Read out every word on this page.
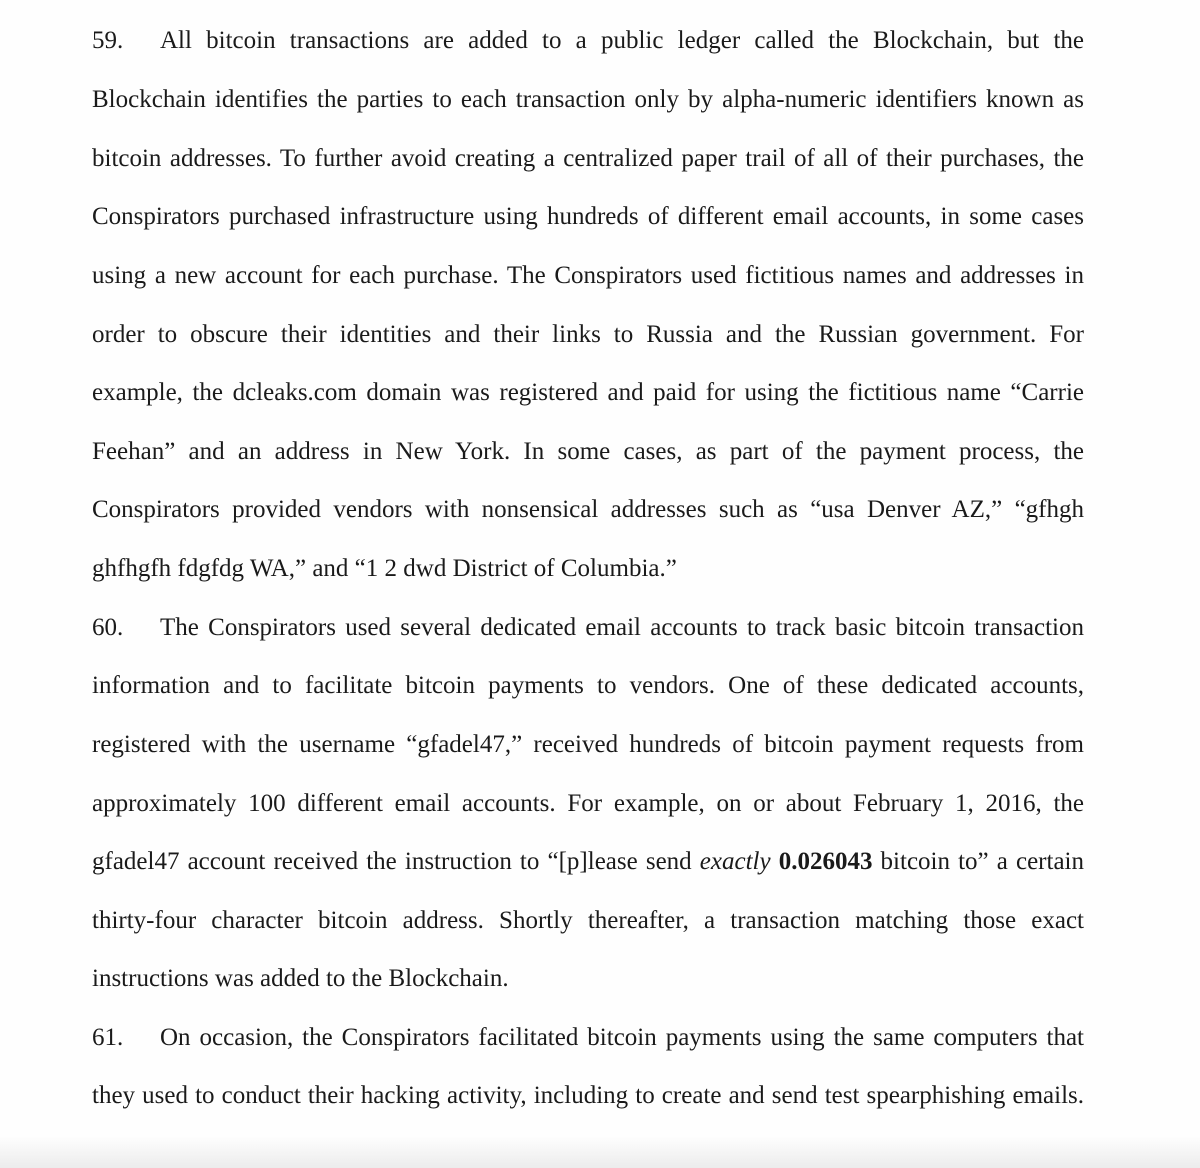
59. All bitcoin transactions are added to a public ledger called the Blockchain, but the
Blockchain identifies the parties to each transaction only by alpha-numeric identifiers known as
bitcoin addresses. To further avoid creating a centralized paper trail of all of their purchases, the
Conspirators purchased infrastructure using hundreds of different email accounts, in some cases
using a new account for each purchase. The Conspirators used fictitious names and addresses in
order to obscure their identities and their links to Russia and the Russian government. For
example, the dcleaks.com domain was registered and paid for using the fictitious name “Carrie
Feehan” and an address in New York. In some cases, as part of the payment process, the
Conspirators provided vendors with nonsensical addresses such as “usa Denver AZ,” “gfhgh
ghfhgfh fdgfdg WA,” and “1 2 dwd District of Columbia.”
60. The Conspirators used several dedicated email accounts to track basic bitcoin transaction
information and to facilitate bitcoin payments to vendors. One of these dedicated accounts,
registered with the username “gfadel47,” received hundreds of bitcoin payment requests from
approximately 100 different email accounts. For example, on or about February 1, 2016, the
gfadel47 account received the instruction to “[p]lease send exactly 0.026043 bitcoin to” a certain
thirty-four character bitcoin address. Shortly thereafter, a transaction matching those exact
instructions was added to the Blockchain.
61. On occasion, the Conspirators facilitated bitcoin payments using the same computers that
they used to conduct their hacking activity, including to create and send test spearphishing emails.
